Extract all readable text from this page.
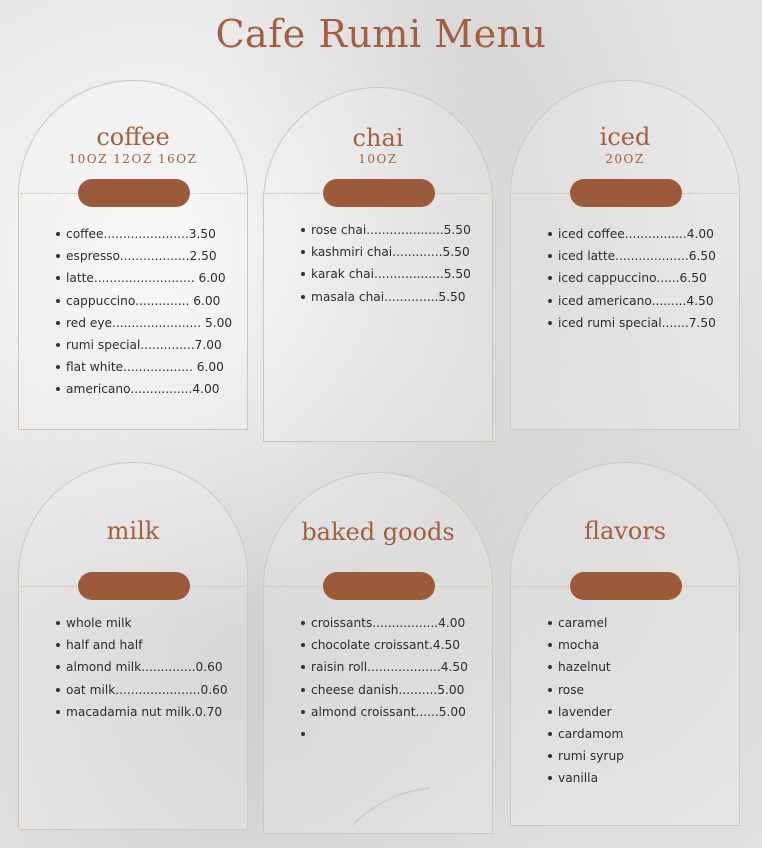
Cafe Rumi Menu
coffee
10OZ 12OZ 16OZ
coffee......................3.50
espresso..................2.50
latte.......................... 6.00
cappuccino.............. 6.00
red eye....................... 5.00
rumi special..............7.00
flat white.................. 6.00
americano................4.00
chai
10OZ
rose chai....................5.50
kashmiri chai.............5.50
karak chai..................5.50
masala chai..............5.50
iced
20OZ
iced coffee................4.00
iced latte...................6.50
iced cappuccino......6.50
iced americano.........4.50
iced rumi special.......7.50
milk
whole milk
half and half
almond milk..............0.60
oat milk......................0.60
macadamia nut milk.0.70
baked goods
croissants.................4.00
chocolate croissant.4.50
raisin roll...................4.50
cheese danish..........5.00
almond croissant......5.00
flavors
caramel
mocha
hazelnut
rose
lavender
cardamom
rumi syrup
vanilla
